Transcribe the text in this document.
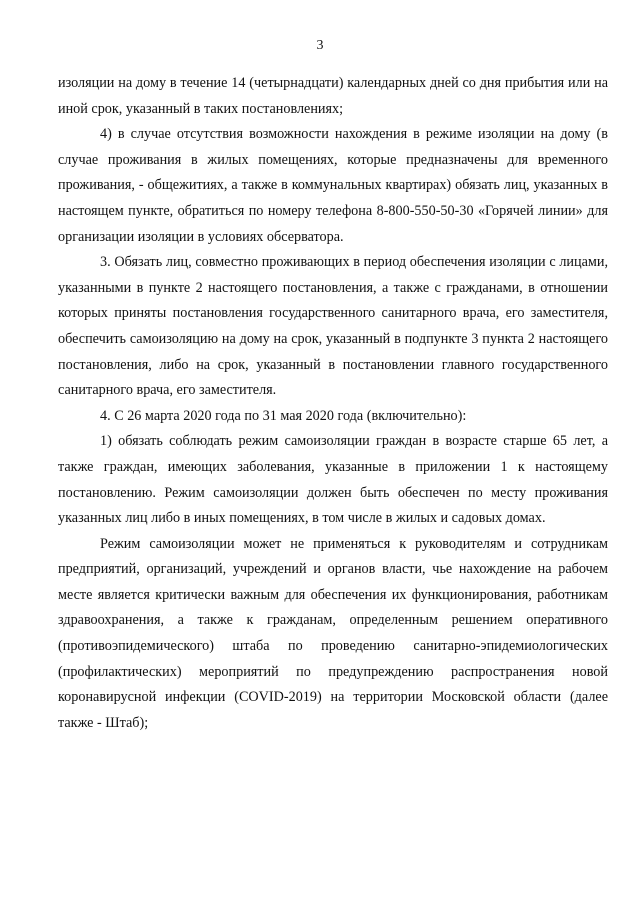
3

изоляции на дому в течение 14 (четырнадцати) календарных дней со дня прибытия или на иной срок, указанный в таких постановлениях;

4) в случае отсутствия возможности нахождения в режиме изоляции на дому (в случае проживания в жилых помещениях, которые предназначены для временного проживания, - общежитиях, а также в коммунальных квартирах) обязать лиц, указанных в настоящем пункте, обратиться по номеру телефона 8-800-550-50-30 «Горячей линии» для организации изоляции в условиях обсерватора.

3. Обязать лиц, совместно проживающих в период обеспечения изоляции с лицами, указанными в пункте 2 настоящего постановления, а также с гражданами, в отношении которых приняты постановления государственного санитарного врача, его заместителя, обеспечить самоизоляцию на дому на срок, указанный в подпункте 3 пункта 2 настоящего постановления, либо на срок, указанный в постановлении главного государственного санитарного врача, его заместителя.

4. С 26 марта 2020 года по 31 мая 2020 года (включительно):

1) обязать соблюдать режим самоизоляции граждан в возрасте старше 65 лет, а также граждан, имеющих заболевания, указанные в приложении 1 к настоящему постановлению. Режим самоизоляции должен быть обеспечен по месту проживания указанных лиц либо в иных помещениях, в том числе в жилых и садовых домах.

Режим самоизоляции может не применяться к руководителям и сотрудникам предприятий, организаций, учреждений и органов власти, чье нахождение на рабочем месте является критически важным для обеспечения их функционирования, работникам здравоохранения, а также к гражданам, определенным решением оперативного (противоэпидемического) штаба по проведению санитарно-эпидемиологических (профилактических) мероприятий по предупреждению распространения новой коронавирусной инфекции (COVID-2019) на территории Московской области (далее также - Штаб);
